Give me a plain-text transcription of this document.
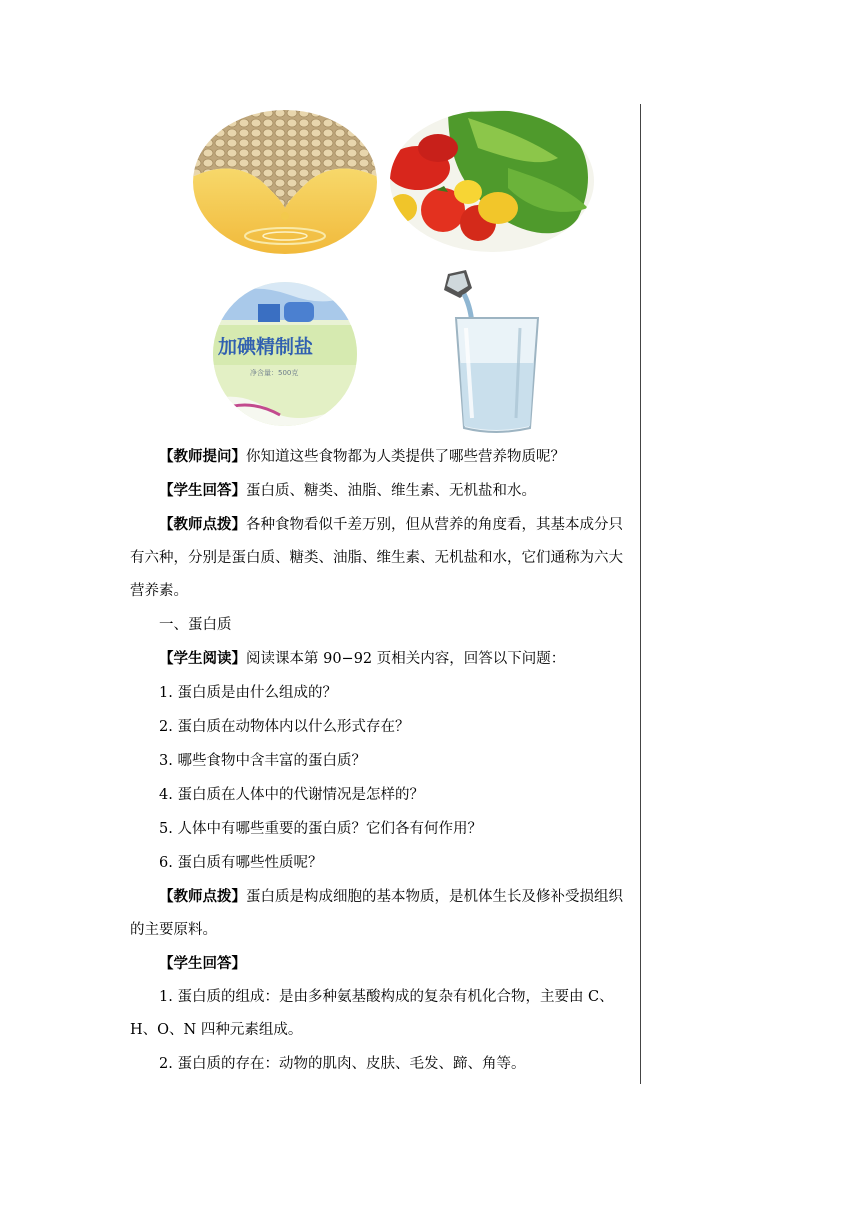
加碘精制盐
净含量：500克

【教师提问】你知道这些食物都为人类提供了哪些营养物质呢？

【学生回答】蛋白质、糖类、油脂、维生素、无机盐和水。

【教师点拨】各种食物看似千差万别，但从营养的角度看，其基本成分只有六种，分别是蛋白质、糖类、油脂、维生素、无机盐和水，它们通称为六大营养素。

一、蛋白质

【学生阅读】阅读课本第 90−92 页相关内容，回答以下问题：

1. 蛋白质是由什么组成的？

2. 蛋白质在动物体内以什么形式存在？

3. 哪些食物中含丰富的蛋白质？

4. 蛋白质在人体中的代谢情况是怎样的？

5. 人体中有哪些重要的蛋白质？它们各有何作用？

6. 蛋白质有哪些性质呢？

【教师点拨】蛋白质是构成细胞的基本物质，是机体生长及修补受损组织的主要原料。

【学生回答】

1. 蛋白质的组成：是由多种氨基酸构成的复杂有机化合物，主要由 C、H、O、N 四种元素组成。

2. 蛋白质的存在：动物的肌肉、皮肤、毛发、蹄、角等。
